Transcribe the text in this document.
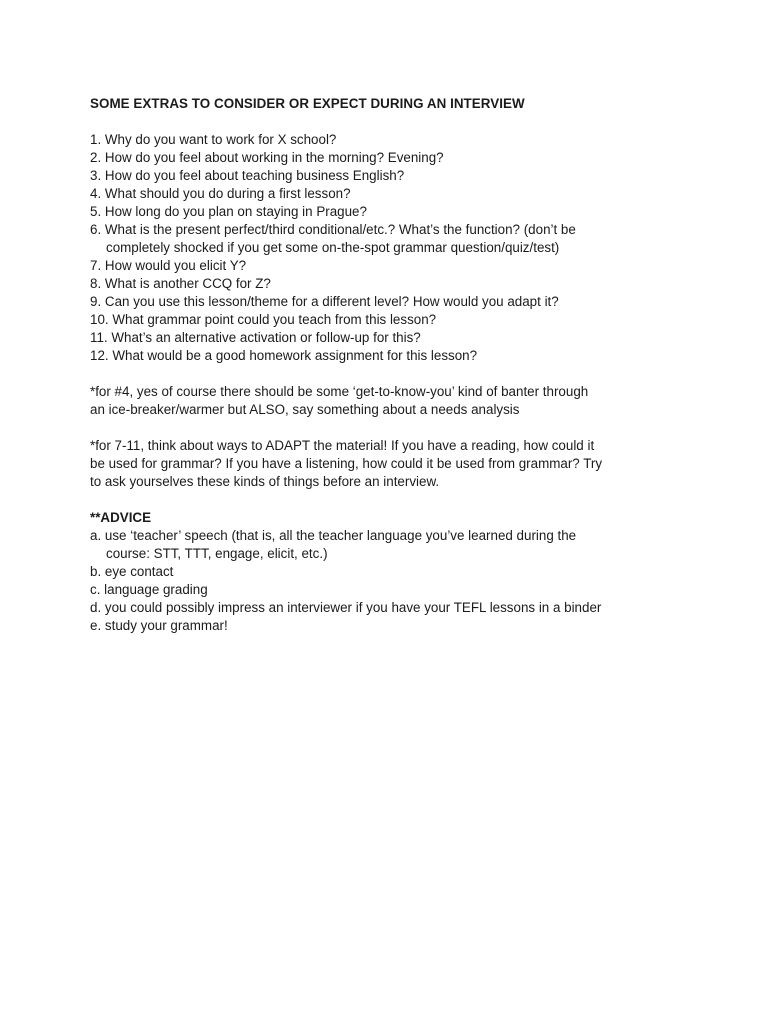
SOME EXTRAS TO CONSIDER OR EXPECT DURING AN INTERVIEW
1. Why do you want to work for X school?
2. How do you feel about working in the morning? Evening?
3. How do you feel about teaching business English?
4. What should you do during a first lesson?
5. How long do you plan on staying in Prague?
6. What is the present perfect/third conditional/etc.? What’s the function? (don’t be
completely shocked if you get some on-the-spot grammar question/quiz/test)
7. How would you elicit Y?
8. What is another CCQ for Z?
9. Can you use this lesson/theme for a different level? How would you adapt it?
10. What grammar point could you teach from this lesson?
11. What’s an alternative activation or follow-up for this?
12. What would be a good homework assignment for this lesson?
*for #4, yes of course there should be some ‘get-to-know-you’ kind of banter through
an ice-breaker/warmer but ALSO, say something about a needs analysis
*for 7-11, think about ways to ADAPT the material! If you have a reading, how could it
be used for grammar? If you have a listening, how could it be used from grammar? Try
to ask yourselves these kinds of things before an interview.
**ADVICE
a. use ‘teacher’ speech (that is, all the teacher language you’ve learned during the
course: STT, TTT, engage, elicit, etc.)
b. eye contact
c. language grading
d. you could possibly impress an interviewer if you have your TEFL lessons in a binder
e. study your grammar!
